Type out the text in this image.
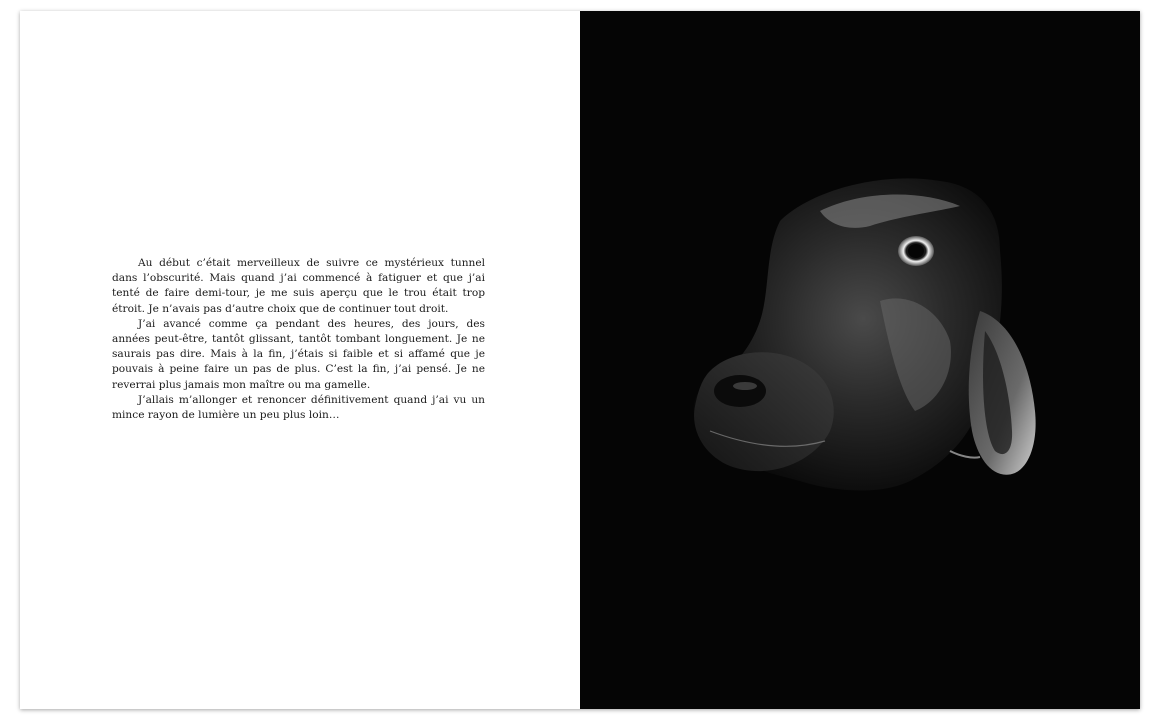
Au début c’était merveilleux de suivre ce mystérieux tunnel dans l’obscurité. Mais quand j’ai commencé à fatiguer et que j’ai tenté de faire demi-tour, je me suis aperçu que le trou était trop étroit. Je n’avais pas d’autre choix que de continuer tout droit.

J’ai avancé comme ça pendant des heures, des jours, des années peut-être, tantôt glissant, tantôt tombant longuement. Je ne saurais pas dire. Mais à la fin, j’étais si faible et si affamé que je pouvais à peine faire un pas de plus. C’est la fin, j’ai pensé. Je ne reverrai plus jamais mon maître ou ma gamelle.

J’allais m’allonger et renoncer définitivement quand j’ai vu un mince rayon de lumière un peu plus loin…
